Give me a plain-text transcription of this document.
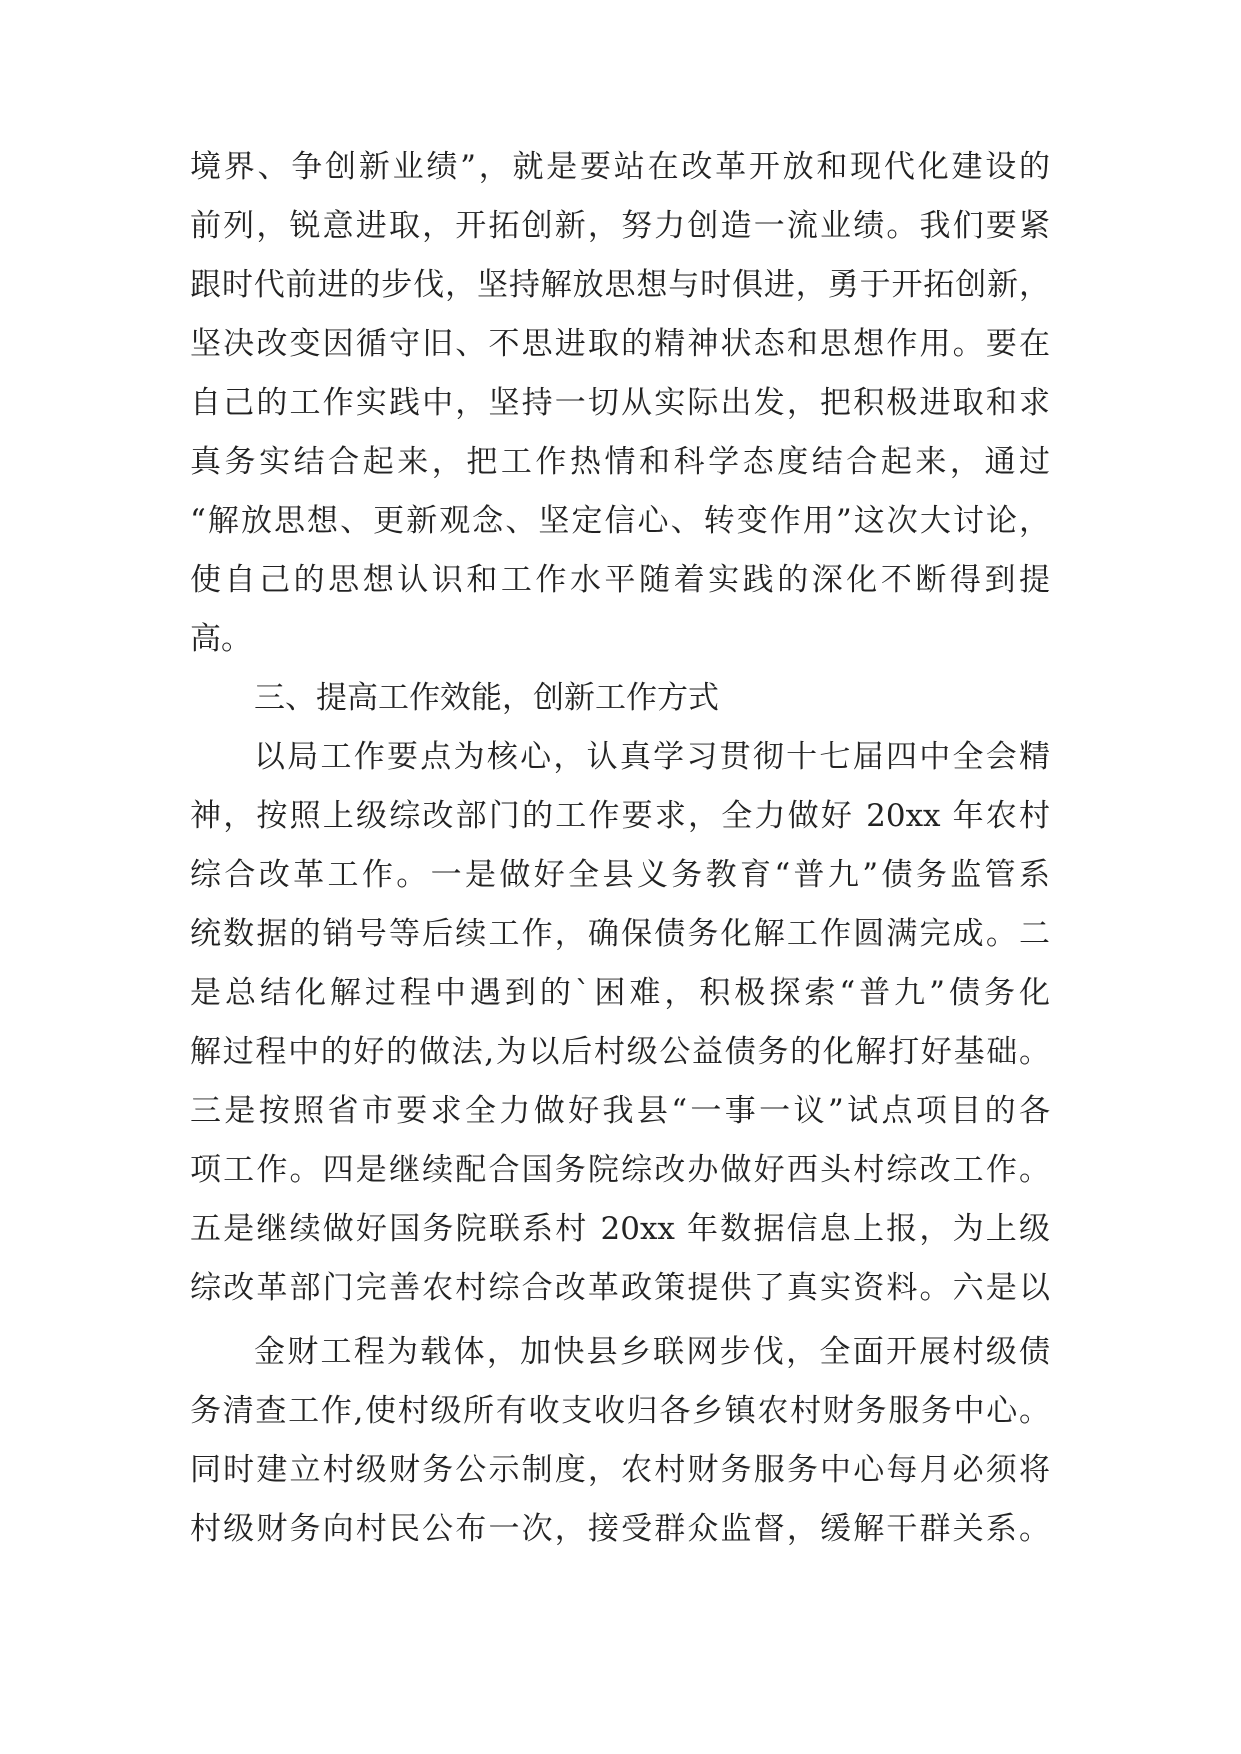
境界、争创新业绩”，就是要站在改革开放和现代化建设的
前列，锐意进取，开拓创新，努力创造一流业绩。我们要紧
跟时代前进的步伐，坚持解放思想与时俱进，勇于开拓创新，
坚决改变因循守旧、不思进取的精神状态和思想作用。要在
自己的工作实践中，坚持一切从实际出发，把积极进取和求
真务实结合起来，把工作热情和科学态度结合起来，通过
“解放思想、更新观念、坚定信心、转变作用”这次大讨论，
使自己的思想认识和工作水平随着实践的深化不断得到提
高。
三、提高工作效能，创新工作方式
以局工作要点为核心，认真学习贯彻十七届四中全会精
神，按照上级综改部门的工作要求，全力做好 20xx 年农村
综合改革工作。一是做好全县义务教育“普九”债务监管系
统数据的销号等后续工作，确保债务化解工作圆满完成。二
是总结化解过程中遇到的`困难，积极探索“普九”债务化
解过程中的好的做法,为以后村级公益债务的化解打好基础。
三是按照省市要求全力做好我县“一事一议”试点项目的各
项工作。四是继续配合国务院综改办做好西头村综改工作。
五是继续做好国务院联系村 20xx 年数据信息上报，为上级
综改革部门完善农村综合改革政策提供了真实资料。六是以
金财工程为载体，加快县乡联网步伐，全面开展村级债
务清查工作,使村级所有收支收归各乡镇农村财务服务中心。
同时建立村级财务公示制度，农村财务服务中心每月必须将
村级财务向村民公布一次，接受群众监督，缓解干群关系。
